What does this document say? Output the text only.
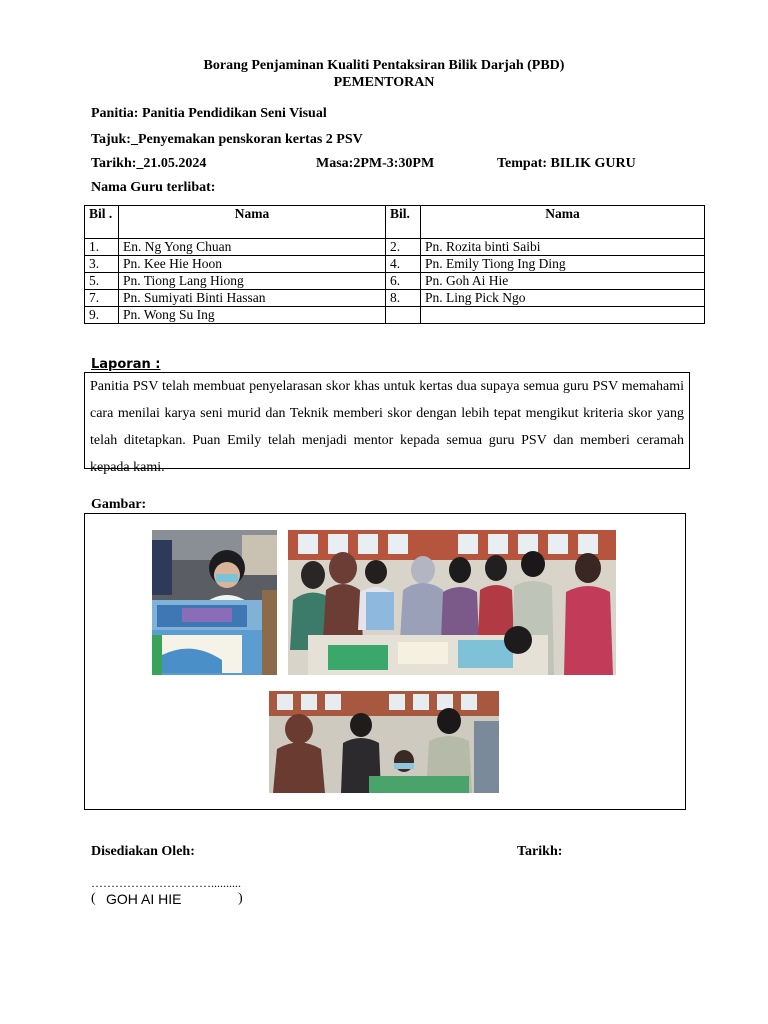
Borang Penjaminan Kualiti Pentaksiran Bilik Darjah (PBD)
PEMENTORAN
Panitia: Panitia Pendidikan Seni Visual
Tajuk:_Penyemakan penskoran kertas 2 PSV
Tarikh:_21.05.2024	Masa:2PM-3:30PM	Tempat: BILIK GURU
Nama Guru terlibat:
Bil .	Nama	Bil.	Nama
1.	En. Ng Yong Chuan	2.	Pn. Rozita binti Saibi
3.	Pn. Kee Hie Hoon	4.	Pn. Emily Tiong Ing Ding
5.	Pn. Tiong Lang Hiong	6.	Pn. Goh Ai Hie
7.	Pn. Sumiyati Binti Hassan	8.	Pn. Ling Pick Ngo
9.	Pn. Wong Su Ing		
Laporan :
Panitia PSV telah membuat penyelarasan skor khas untuk kertas dua supaya semua guru PSV memahami cara menilai karya seni murid dan Teknik memberi skor dengan lebih tepat mengikut kriteria skor yang telah ditetapkan. Puan Emily telah menjadi mentor kepada semua guru PSV dan memberi ceramah kepada kami.
Gambar:
Disediakan Oleh:	Tarikh:
…………………………..........
( GOH AI HIE	)
